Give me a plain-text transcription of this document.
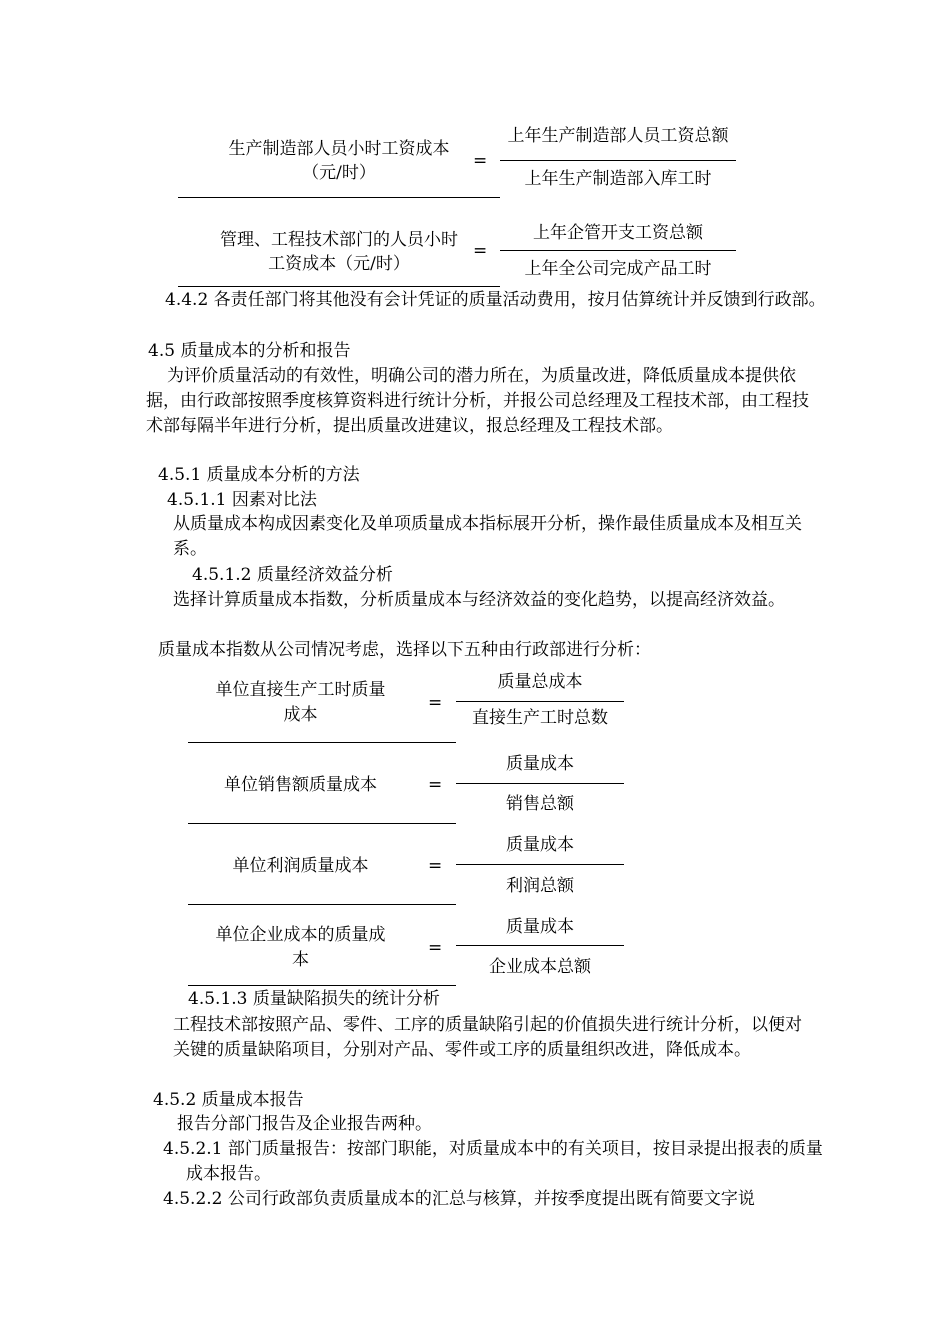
生产制造部人员小时工资成本
（元/时）
=
上年生产制造部人员工资总额
上年生产制造部入库工时
管理、工程技术部门的人员小时
工资成本（元/时）
=
上年企管开支工资总额
上年全公司完成产品工时
4.4.2 各责任部门将其他没有会计凭证的质量活动费用，按月估算统计并反馈到行政部。
4.5 质量成本的分析和报告
为评价质量活动的有效性，明确公司的潜力所在，为质量改进，降低质量成本提供依据，由行政部按照季度核算资料进行统计分析，并报公司总经理及工程技术部，由工程技术部每隔半年进行分析，提出质量改进建议，报总经理及工程技术部。
4.5.1 质量成本分析的方法
4.5.1.1 因素对比法
从质量成本构成因素变化及单项质量成本指标展开分析，操作最佳质量成本及相互关系。
4.5.1.2 质量经济效益分析
选择计算质量成本指数，分析质量成本与经济效益的变化趋势，以提高经济效益。
质量成本指数从公司情况考虑，选择以下五种由行政部进行分析：
单位直接生产工时质量
成本
=
质量总成本
直接生产工时总数
单位销售额质量成本	=
质量成本
销售总额
单位利润质量成本	=
质量成本
利润总额
单位企业成本的质量成
本
=
质量成本
企业成本总额
4.5.1.3 质量缺陷损失的统计分析
工程技术部按照产品、零件、工序的质量缺陷引起的价值损失进行统计分析，以便对关键的质量缺陷项目，分别对产品、零件或工序的质量组织改进，降低成本。
4.5.2 质量成本报告
报告分部门报告及企业报告两种。
4.5.2.1 部门质量报告：按部门职能，对质量成本中的有关项目，按目录提出报表的质量成本报告。
4.5.2.2 公司行政部负责质量成本的汇总与核算，并按季度提出既有简要文字说
